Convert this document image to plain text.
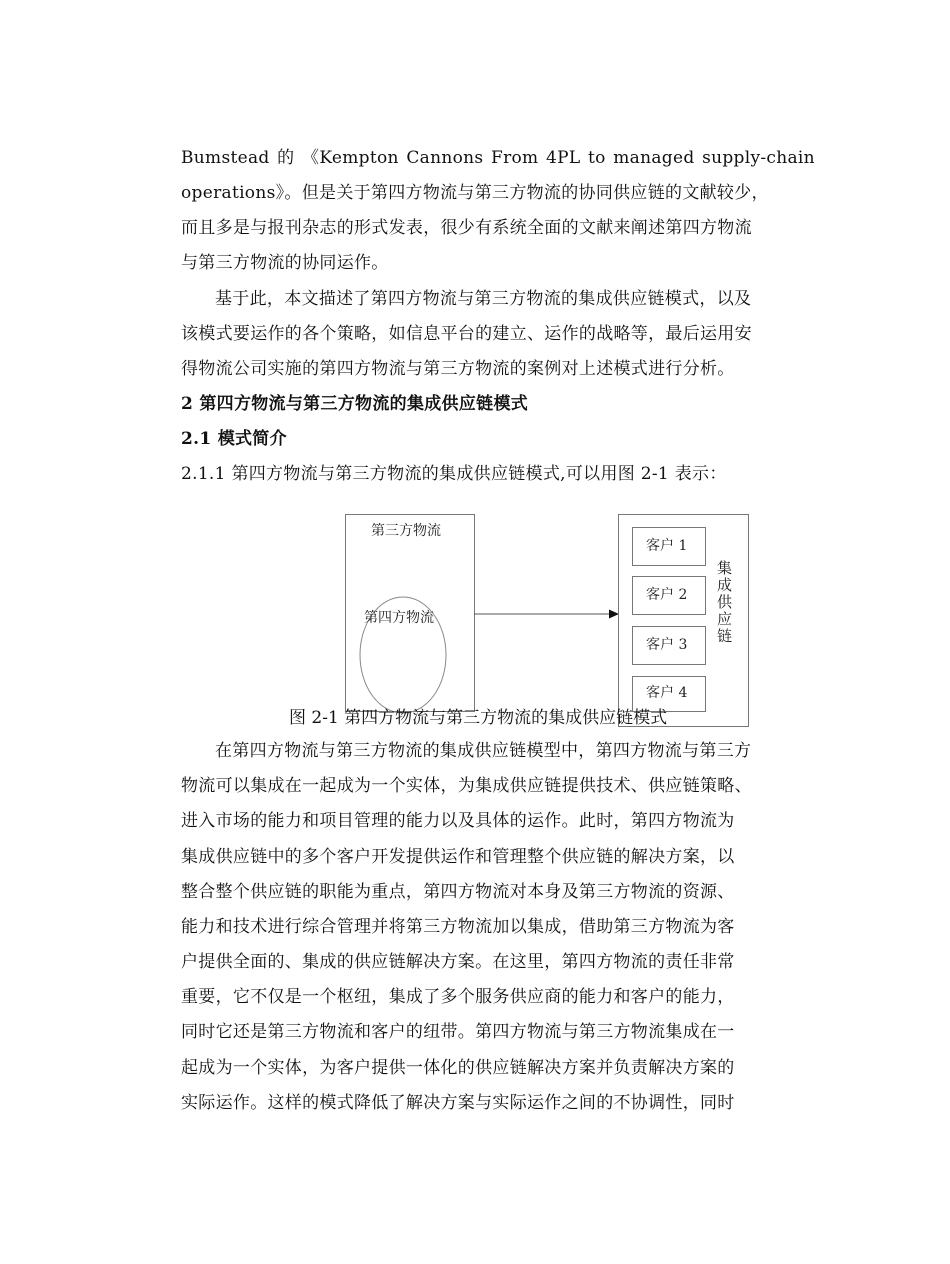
Bumstead 的 《Kempton Cannons From 4PL to managed supply-chain
operations》。但是关于第四方物流与第三方物流的协同供应链的文献较少，
而且多是与报刊杂志的形式发表，很少有系统全面的文献来阐述第四方物流
与第三方物流的协同运作。
基于此，本文描述了第四方物流与第三方物流的集成供应链模式，以及
该模式要运作的各个策略，如信息平台的建立、运作的战略等，最后运用安
得物流公司实施的第四方物流与第三方物流的案例对上述模式进行分析。
2 第四方物流与第三方物流的集成供应链模式
2.1 模式简介
2.1.1 第四方物流与第三方物流的集成供应链模式,可以用图 2-1 表示：
第三方物流
第四方物流
客户 1
客户 2
客户 3
客户 4
集成供应链
图 2-1 第四方物流与第三方物流的集成供应链模式
在第四方物流与第三方物流的集成供应链模型中，第四方物流与第三方
物流可以集成在一起成为一个实体，为集成供应链提供技术、供应链策略、
进入市场的能力和项目管理的能力以及具体的运作。此时，第四方物流为
集成供应链中的多个客户开发提供运作和管理整个供应链的解决方案，以
整合整个供应链的职能为重点，第四方物流对本身及第三方物流的资源、
能力和技术进行综合管理并将第三方物流加以集成，借助第三方物流为客
户提供全面的、集成的供应链解决方案。在这里，第四方物流的责任非常
重要，它不仅是一个枢纽，集成了多个服务供应商的能力和客户的能力，
同时它还是第三方物流和客户的纽带。第四方物流与第三方物流集成在一
起成为一个实体，为客户提供一体化的供应链解决方案并负责解决方案的
实际运作。这样的模式降低了解决方案与实际运作之间的不协调性，同时
